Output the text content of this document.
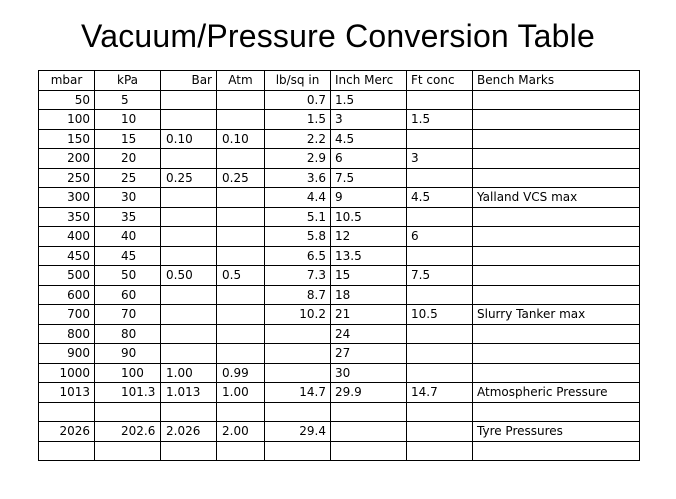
Vacuum/Pressure Conversion Table
mbar	kPa	Bar	Atm	lb/sq in	Inch Merc	Ft conc	Bench Marks
50	5			0.7	1.5		
100	10			1.5	3	1.5	
150	15	0.10	0.10	2.2	4.5		
200	20			2.9	6	3	
250	25	0.25	0.25	3.6	7.5		
300	30			4.4	9	4.5	Yalland VCS max
350	35			5.1	10.5		
400	40			5.8	12	6	
450	45			6.5	13.5		
500	50	0.50	0.5	7.3	15	7.5	
600	60			8.7	18		
700	70			10.2	21	10.5	Slurry Tanker max
800	80				24		
900	90				27		
1000	100	1.00	0.99		30		
1013	101.3	1.013	1.00	14.7	29.9	14.7	Atmospheric Pressure

2026	202.6	2.026	2.00	29.4			Tyre Pressures
